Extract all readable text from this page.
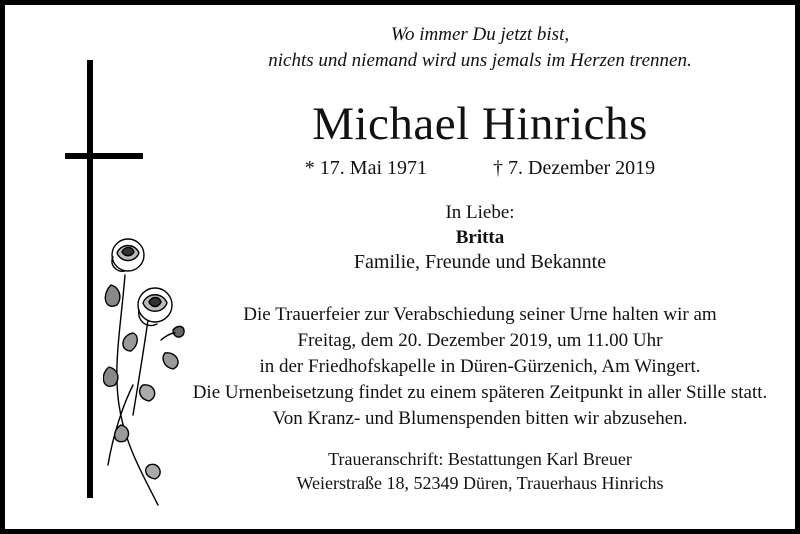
Wo immer Du jetzt bist,
nichts und niemand wird uns jemals im Herzen trennen.
Michael Hinrichs
* 17. Mai 1971	† 7. Dezember 2019
In Liebe:
Britta
Familie, Freunde und Bekannte
Die Trauerfeier zur Verabschiedung seiner Urne halten wir am
Freitag, dem 20. Dezember 2019, um 11.00 Uhr
in der Friedhofskapelle in Düren-Gürzenich, Am Wingert.
Die Urnenbeisetzung findet zu einem späteren Zeitpunkt in aller Stille statt.
Von Kranz- und Blumenspenden bitten wir abzusehen.
Traueranschrift: Bestattungen Karl Breuer
Weierstraße 18, 52349 Düren, Trauerhaus Hinrichs
